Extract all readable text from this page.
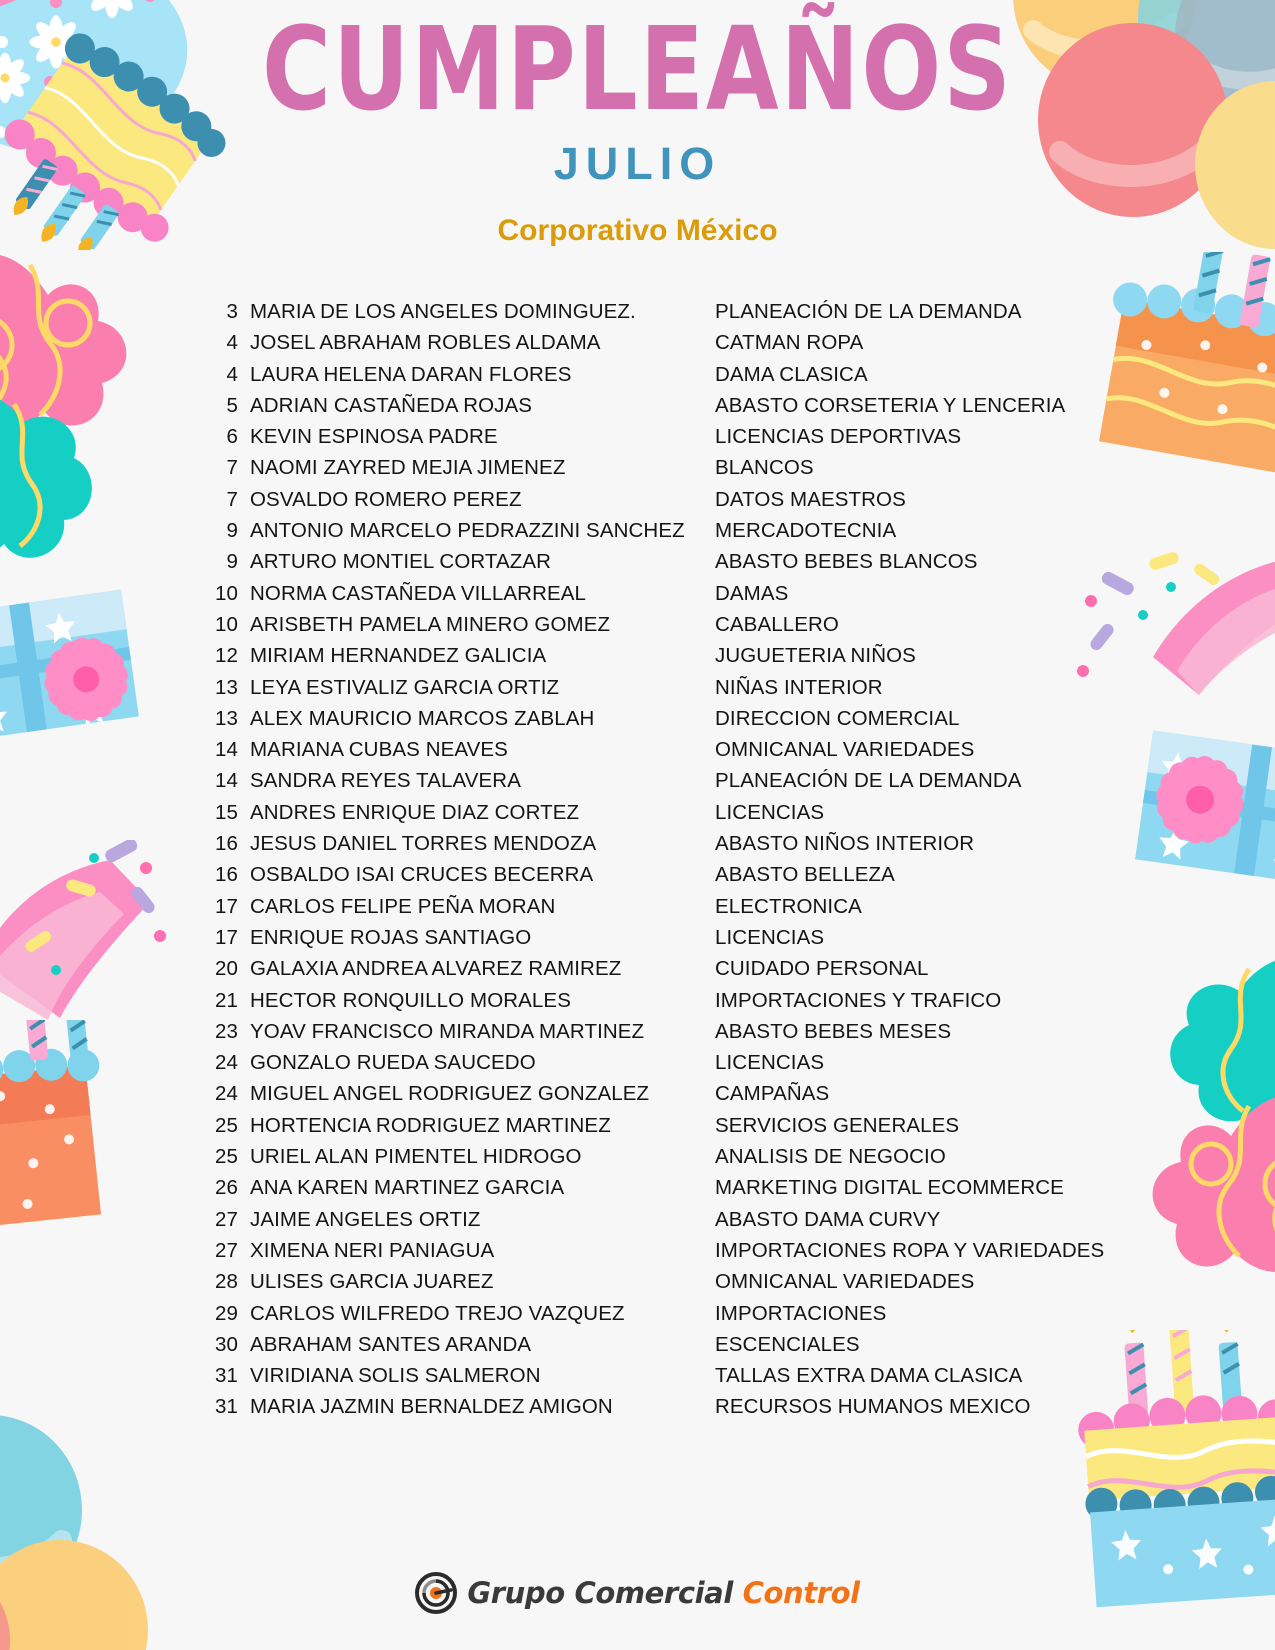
CUMPLEAÑOS
JULIO
Corporativo México
3 MARIA DE LOS ANGELES DOMINGUEZ.	PLANEACIÓN DE LA DEMANDA
4 JOSEL ABRAHAM ROBLES ALDAMA	CATMAN ROPA
4 LAURA HELENA DARAN FLORES	DAMA CLASICA
5 ADRIAN CASTAÑEDA ROJAS	ABASTO CORSETERIA Y LENCERIA
6 KEVIN ESPINOSA PADRE	LICENCIAS DEPORTIVAS
7 NAOMI ZAYRED MEJIA JIMENEZ	BLANCOS
7 OSVALDO ROMERO PEREZ	DATOS MAESTROS
9 ANTONIO MARCELO PEDRAZZINI SANCHEZ	MERCADOTECNIA
9 ARTURO MONTIEL CORTAZAR	ABASTO BEBES BLANCOS
10 NORMA CASTAÑEDA VILLARREAL	DAMAS
10 ARISBETH PAMELA MINERO GOMEZ	CABALLERO
12 MIRIAM HERNANDEZ GALICIA	JUGUETERIA NIÑOS
13 LEYA ESTIVALIZ GARCIA ORTIZ	NIÑAS INTERIOR
13 ALEX MAURICIO MARCOS ZABLAH	DIRECCION COMERCIAL
14 MARIANA CUBAS NEAVES	OMNICANAL VARIEDADES
14 SANDRA REYES TALAVERA	PLANEACIÓN DE LA DEMANDA
15 ANDRES ENRIQUE DIAZ CORTEZ	LICENCIAS
16 JESUS DANIEL TORRES MENDOZA	ABASTO NIÑOS INTERIOR
16 OSBALDO ISAI CRUCES BECERRA	ABASTO BELLEZA
17 CARLOS FELIPE PEÑA MORAN	ELECTRONICA
17 ENRIQUE ROJAS SANTIAGO	LICENCIAS
20 GALAXIA ANDREA ALVAREZ RAMIREZ	CUIDADO PERSONAL
21 HECTOR RONQUILLO MORALES	IMPORTACIONES Y TRAFICO
23 YOAV FRANCISCO MIRANDA MARTINEZ	ABASTO BEBES MESES
24 GONZALO RUEDA SAUCEDO	LICENCIAS
24 MIGUEL ANGEL RODRIGUEZ GONZALEZ	CAMPAÑAS
25 HORTENCIA RODRIGUEZ MARTINEZ	SERVICIOS GENERALES
25 URIEL ALAN PIMENTEL HIDROGO	ANALISIS DE NEGOCIO
26 ANA KAREN MARTINEZ GARCIA	MARKETING DIGITAL ECOMMERCE
27 JAIME ANGELES ORTIZ	ABASTO DAMA CURVY
27 XIMENA NERI PANIAGUA	IMPORTACIONES ROPA Y VARIEDADES
28 ULISES GARCIA JUAREZ	OMNICANAL VARIEDADES
29 CARLOS WILFREDO TREJO VAZQUEZ	IMPORTACIONES
30 ABRAHAM SANTES ARANDA	ESCENCIALES
31 VIRIDIANA SOLIS SALMERON	TALLAS EXTRA DAMA CLASICA
31 MARIA JAZMIN BERNALDEZ AMIGON	RECURSOS HUMANOS MEXICO
Grupo Comercial Control
